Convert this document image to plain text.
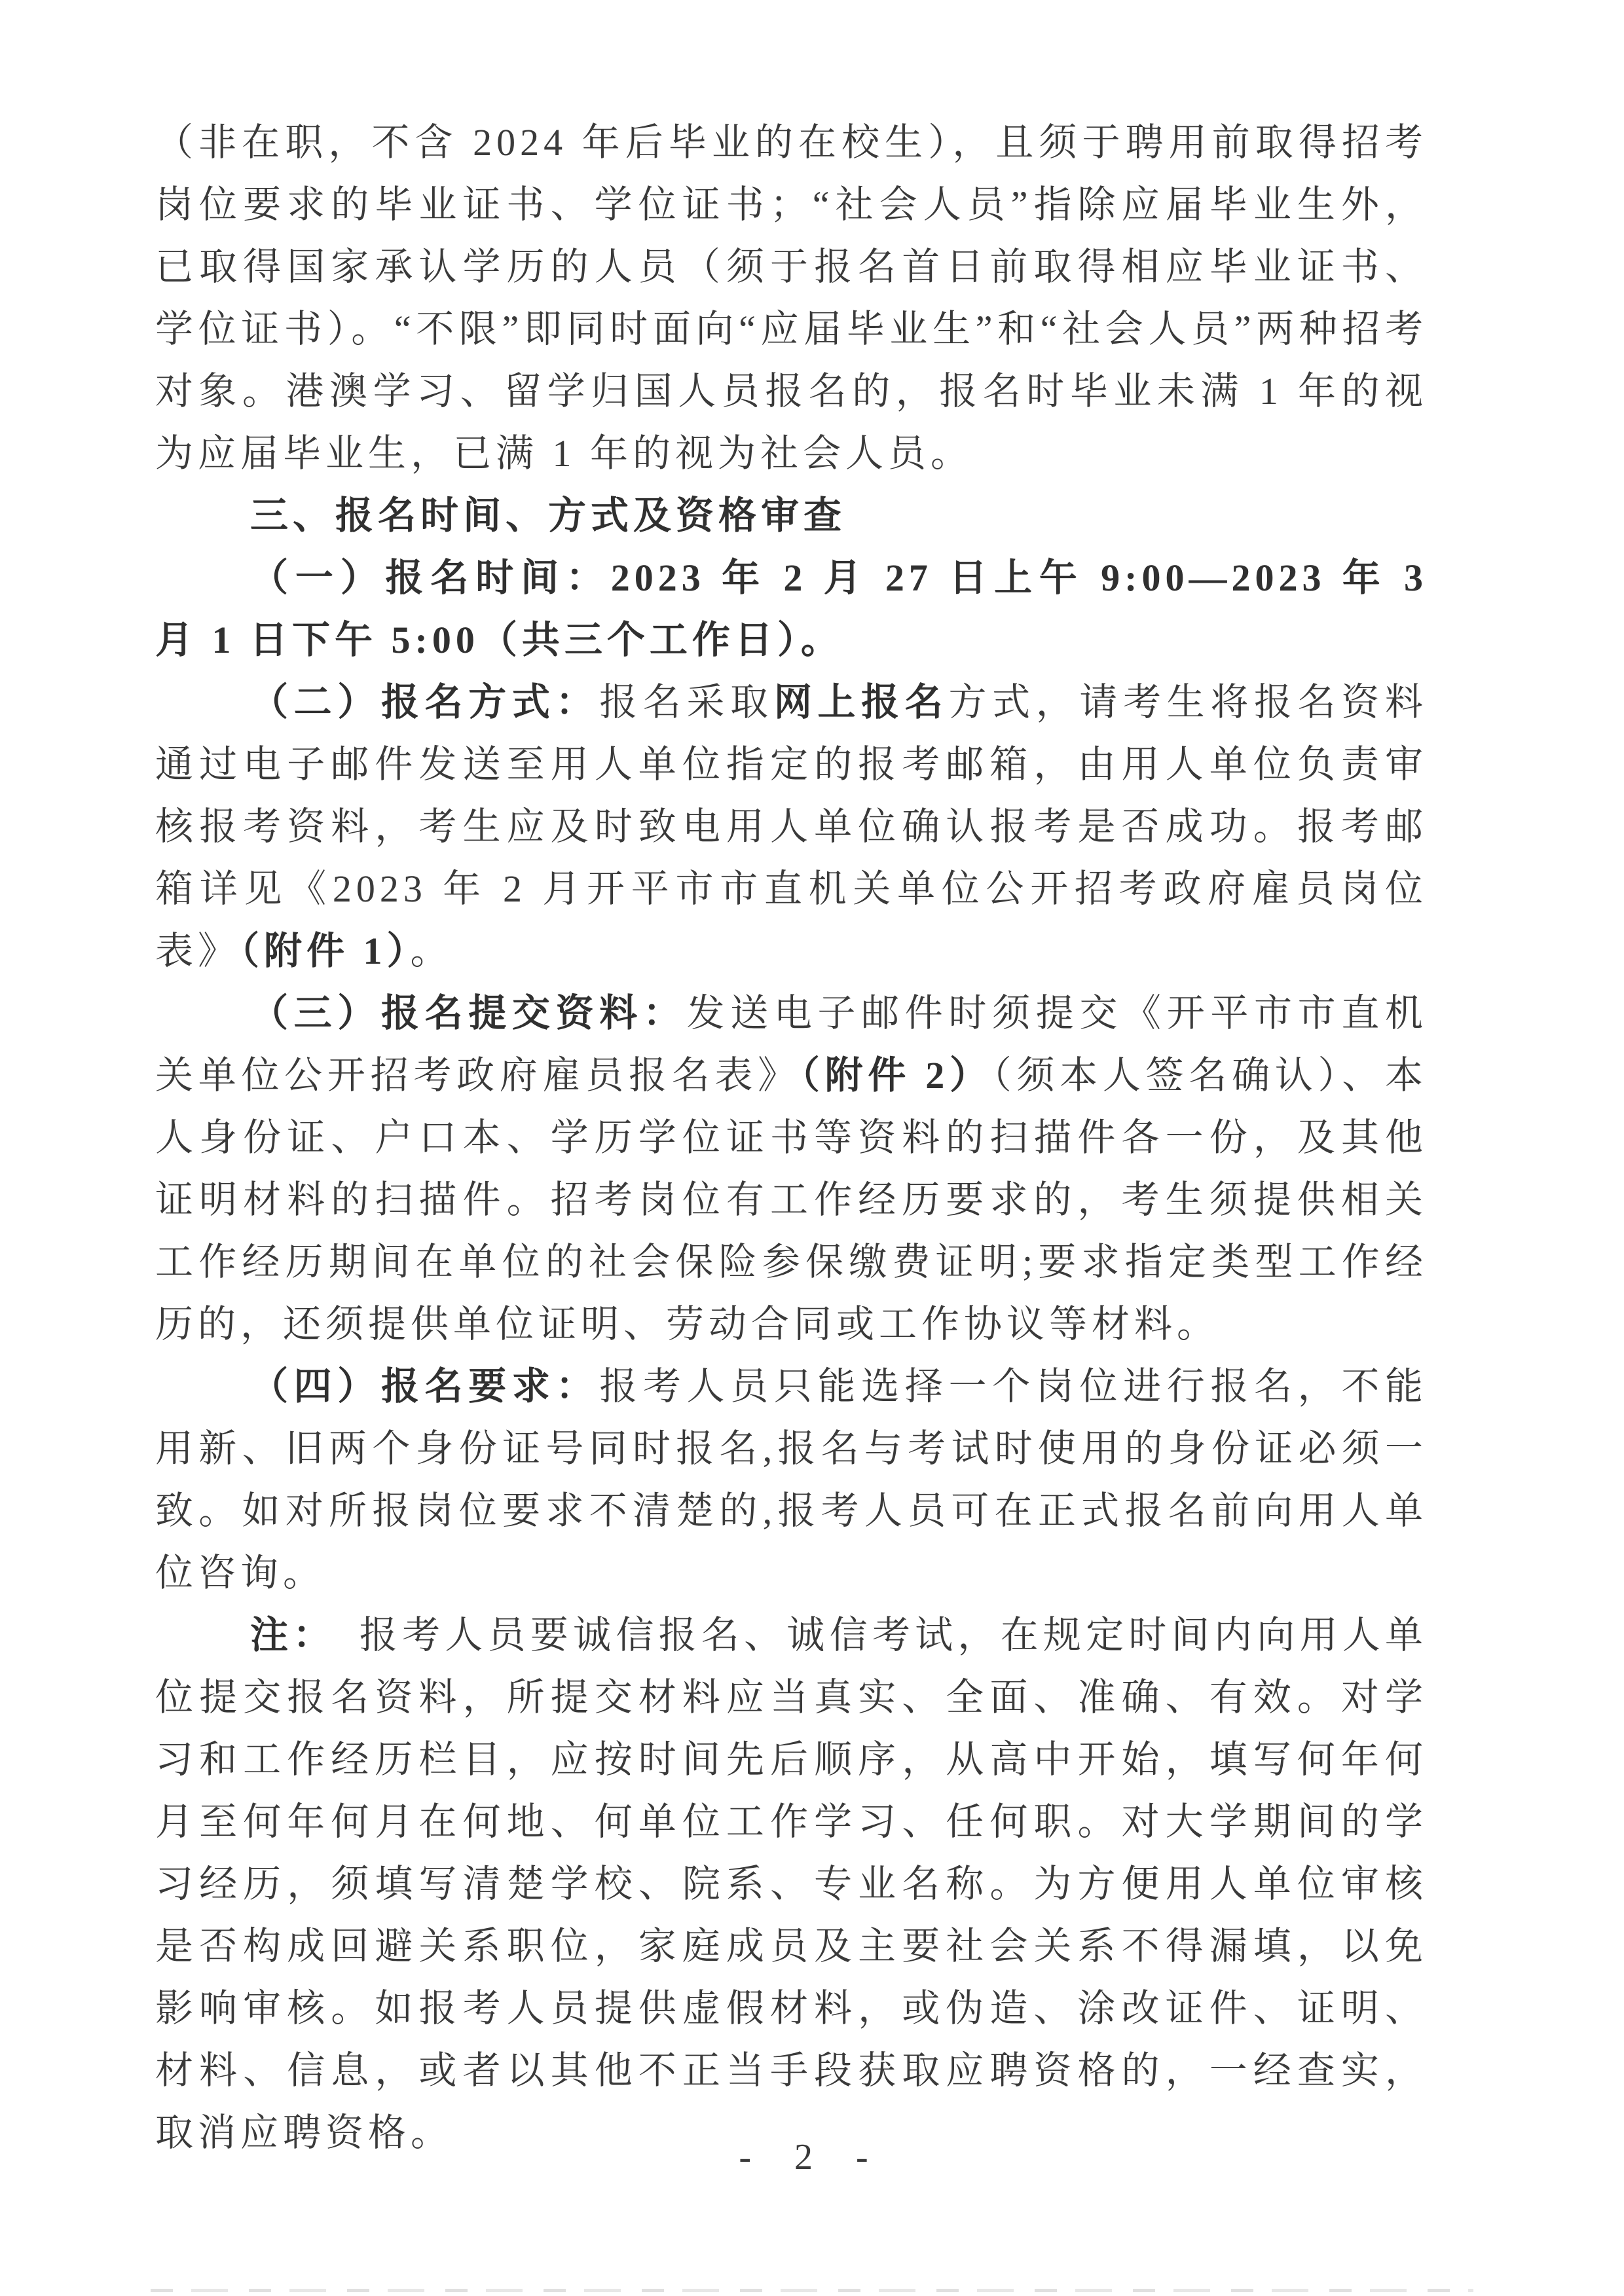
（非在职，不含 2024 年后毕业的在校生），且须于聘用前取得招考岗位要求的毕业证书、学位证书；“社会人员”指除应届毕业生外，已取得国家承认学历的人员（须于报名首日前取得相应毕业证书、学位证书）。“不限”即同时面向“应届毕业生”和“社会人员”两种招考对象。港澳学习、留学归国人员报名的，报名时毕业未满 1 年的视为应届毕业生，已满 1 年的视为社会人员。

三、报名时间、方式及资格审查

（一）报名时间：2023 年 2 月 27 日上午 9:00—2023 年 3 月 1 日下午 5:00（共三个工作日）。

（二）报名方式：报名采取网上报名方式，请考生将报名资料通过电子邮件发送至用人单位指定的报考邮箱，由用人单位负责审核报考资料，考生应及时致电用人单位确认报考是否成功。报考邮箱详见《2023 年 2 月开平市市直机关单位公开招考政府雇员岗位表》（附件 1）。

（三）报名提交资料：发送电子邮件时须提交《开平市市直机关单位公开招考政府雇员报名表》（附件 2）（须本人签名确认）、本人身份证、户口本、学历学位证书等资料的扫描件各一份，及其他证明材料的扫描件。招考岗位有工作经历要求的，考生须提供相关工作经历期间在单位的社会保险参保缴费证明;要求指定类型工作经历的，还须提供单位证明、劳动合同或工作协议等材料。

（四）报名要求：报考人员只能选择一个岗位进行报名，不能用新、旧两个身份证号同时报名,报名与考试时使用的身份证必须一致。如对所报岗位要求不清楚的,报考人员可在正式报名前向用人单位咨询。

注：　报考人员要诚信报名、诚信考试，在规定时间内向用人单位提交报名资料，所提交材料应当真实、全面、准确、有效。对学习和工作经历栏目，应按时间先后顺序，从高中开始，填写何年何月至何年何月在何地、何单位工作学习、任何职。对大学期间的学习经历，须填写清楚学校、院系、专业名称。为方便用人单位审核是否构成回避关系职位，家庭成员及主要社会关系不得漏填，以免影响审核。如报考人员提供虚假材料，或伪造、涂改证件、证明、材料、信息，或者以其他不正当手段获取应聘资格的，一经查实，取消应聘资格。

- 2 -
